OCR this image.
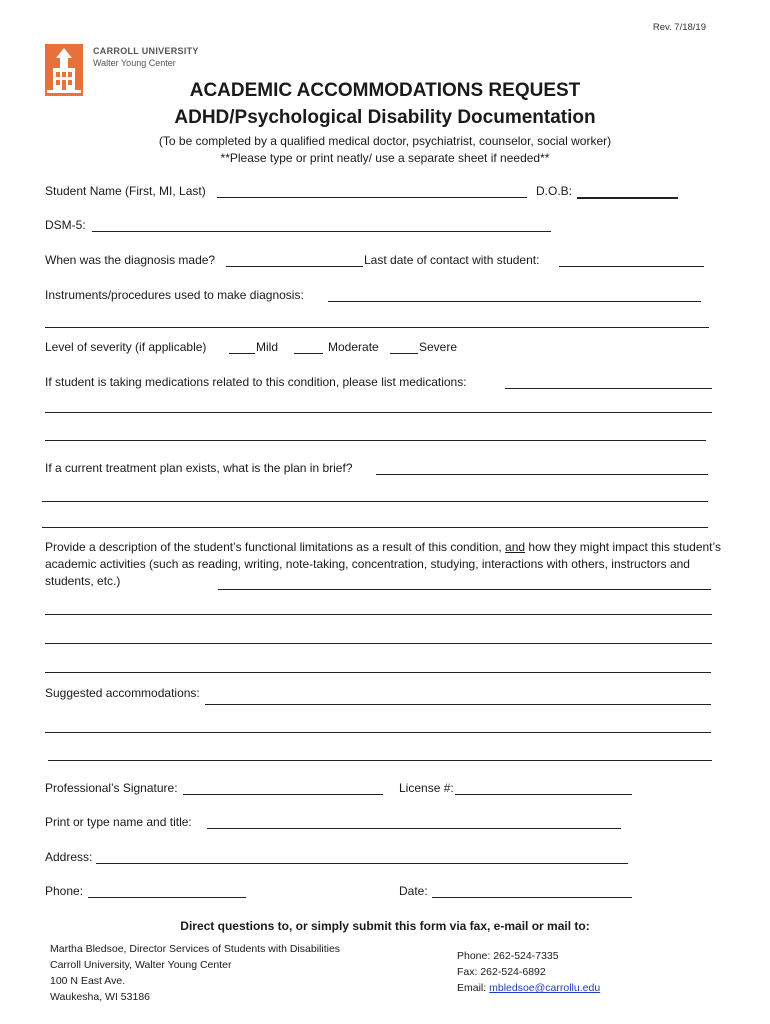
Rev. 7/18/19
CARROLL UNIVERSITY
Walter Young Center
ACADEMIC ACCOMMODATIONS REQUEST
ADHD/Psychological Disability Documentation
(To be completed by a qualified medical doctor, psychiatrist, counselor, social worker)
**Please type or print neatly/ use a separate sheet if needed**
Student Name (First, MI, Last)	D.O.B:
DSM-5:
When was the diagnosis made?	Last date of contact with student:
Instruments/procedures used to make diagnosis:
Level of severity (if applicable)	Mild	Moderate	Severe
If student is taking medications related to this condition, please list medications:
If a current treatment plan exists, what is the plan in brief?
Provide a description of the student’s functional limitations as a result of this condition, and how they might impact this student’s academic activities (such as reading, writing, note-taking, concentration, studying, interactions with others, instructors and students, etc.)
Suggested accommodations:
Professional’s Signature:	License #:
Print or type name and title:
Address:
Phone:	Date:
Direct questions to, or simply submit this form via fax, e-mail or mail to:
Martha Bledsoe, Director Services of Students with Disabilities
Carroll University, Walter Young Center
100 N East Ave.
Waukesha, WI 53186
Phone: 262-524-7335
Fax: 262-524-6892
Email: mbledsoe@carrollu.edu
